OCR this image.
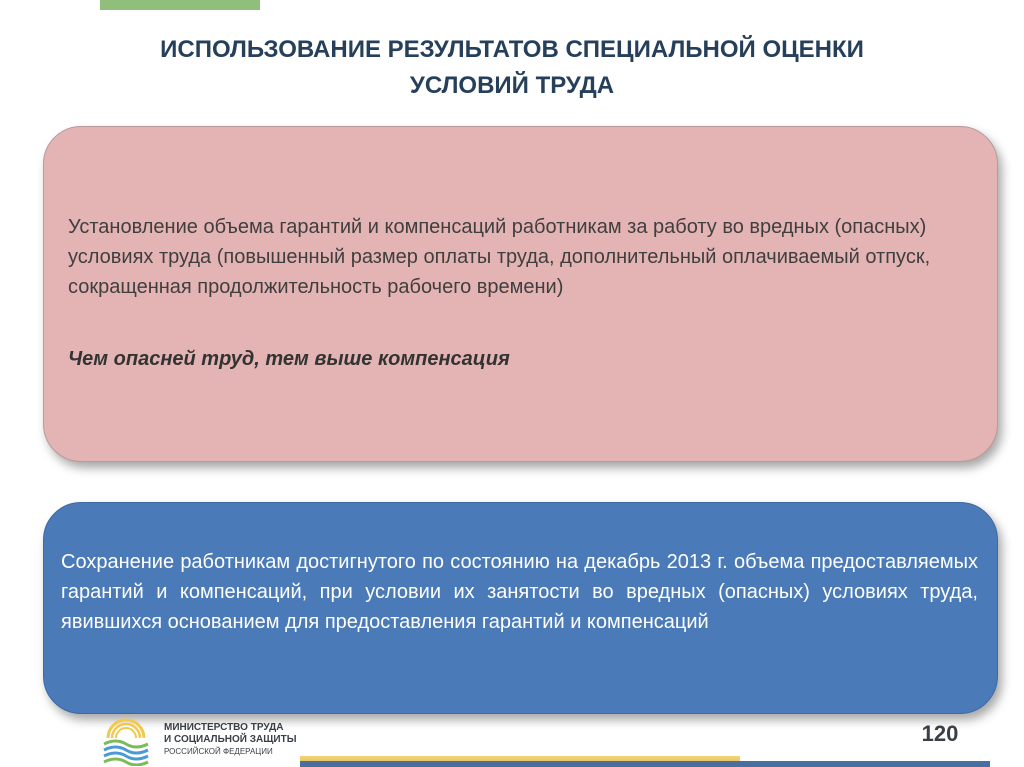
ИСПОЛЬЗОВАНИЕ РЕЗУЛЬТАТОВ СПЕЦИАЛЬНОЙ ОЦЕНКИ
УСЛОВИЙ ТРУДА
Установление объема гарантий и компенсаций работникам за работу во вредных (опасных) условиях труда (повышенный размер оплаты труда, дополнительный оплачиваемый отпуск, сокращенная продолжительность рабочего времени)
Чем опасней труд, тем выше компенсация
Сохранение работникам достигнутого по состоянию на декабрь 2013 г. объема предоставляемых гарантий и компенсаций, при условии их занятости во вредных (опасных) условиях труда, явившихся основанием для предоставления гарантий и компенсаций
МИНИСТЕРСТВО ТРУДА
И СОЦИАЛЬНОЙ ЗАЩИТЫ
РОССИЙСКОЙ ФЕДЕРАЦИИ
120
